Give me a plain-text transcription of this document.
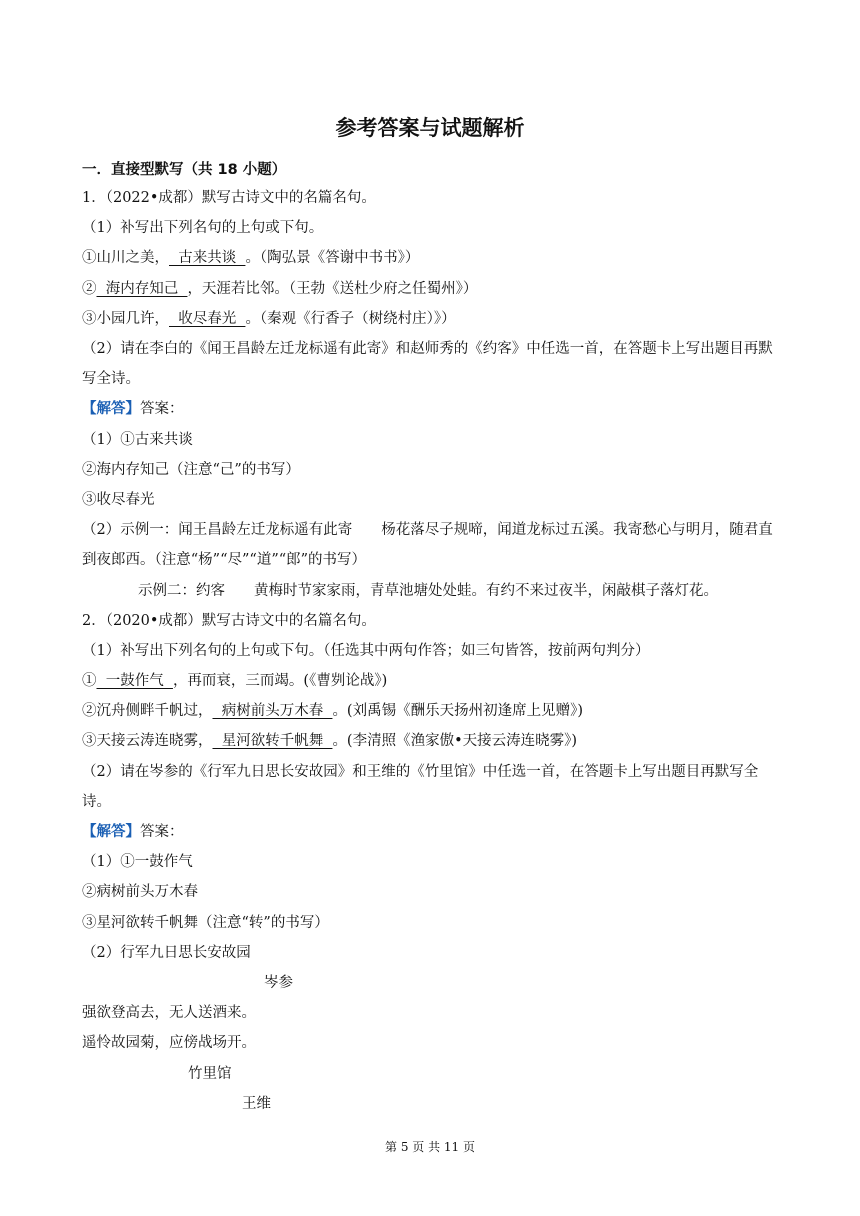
参考答案与试题解析
一．直接型默写（共 18 小题）
1．（2022•成都）默写古诗文中的名篇名句。
（1）补写出下列名句的上句或下句。
①山川之美，  古来共谈  。（陶弘景《答谢中书书》）
②  海内存知己  ，天涯若比邻。（王勃《送杜少府之任蜀州》）
③小园几许，  收尽春光  。（秦观《行香子（树绕村庄）》）
（2）请在李白的《闻王昌龄左迁龙标遥有此寄》和赵师秀的《约客》中任选一首，在答题卡上写出题目再默写全诗。
【解答】答案：
（1）①古来共谈
②海内存知己（注意“己”的书写）
③收尽春光
（2）示例一：闻王昌龄左迁龙标遥有此寄　　杨花落尽子规啼，闻道龙标过五溪。我寄愁心与明月，随君直到夜郎西。（注意“杨”“尽”“道”“郎”的书写）
示例二：约客　　黄梅时节家家雨，青草池塘处处蛙。有约不来过夜半，闲敲棋子落灯花。
2．（2020•成都）默写古诗文中的名篇名句。
（1）补写出下列名句的上句或下句。（任选其中两句作答；如三句皆答，按前两句判分）
①  一鼓作气  ，再而衰，三而竭。(《曹刿论战》)
②沉舟侧畔千帆过，  病树前头万木春  。(刘禹锡《酬乐天扬州初逢席上见赠》)
③天接云涛连晓雾，  星河欲转千帆舞  。(李清照《渔家傲•天接云涛连晓雾》)
（2）请在岑参的《行军九日思长安故园》和王维的《竹里馆》中任选一首，在答题卡上写出题目再默写全诗。
【解答】答案：
（1）①一鼓作气
②病树前头万木春
③星河欲转千帆舞（注意“转”的书写）
（2）行军九日思长安故园
岑参
强欲登高去，无人送酒来。
遥怜故园菊，应傍战场开。
竹里馆
王维
第 5 页 共 11 页
